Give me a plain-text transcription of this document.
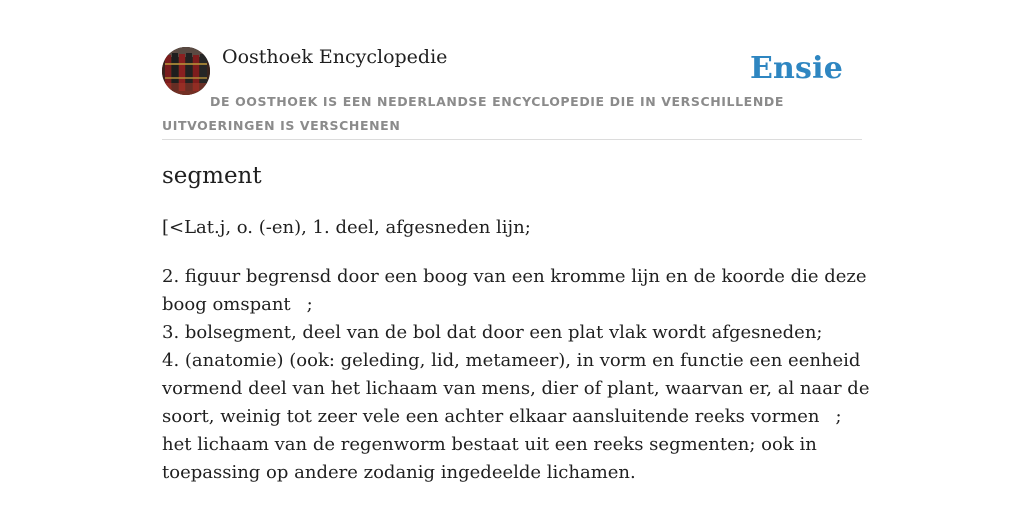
Oosthoek Encyclopedie	Ensie
DE OOSTHOEK IS EEN NEDERLANDSE ENCYCLOPEDIE DIE IN VERSCHILLENDE UITVOERINGEN IS VERSCHENEN
segment
[<Lat.j, o. (-en), 1. deel, afgesneden lijn;

2. figuur begrensd door een boog van een kromme lijn en de koorde die deze boog omspant ;

3. bolsegment, deel van de bol dat door een plat vlak wordt afgesneden;

4. (anatomie) (ook: geleding, lid, metameer), in vorm en functie een eenheid vormend deel van het lichaam van mens, dier of plant, waarvan er, al naar de soort, weinig tot zeer vele een achter elkaar aansluitende reeks vormen ; het lichaam van de regenworm bestaat uit een reeks segmenten; ook in toepassing op andere zodanig ingedeelde lichamen.
